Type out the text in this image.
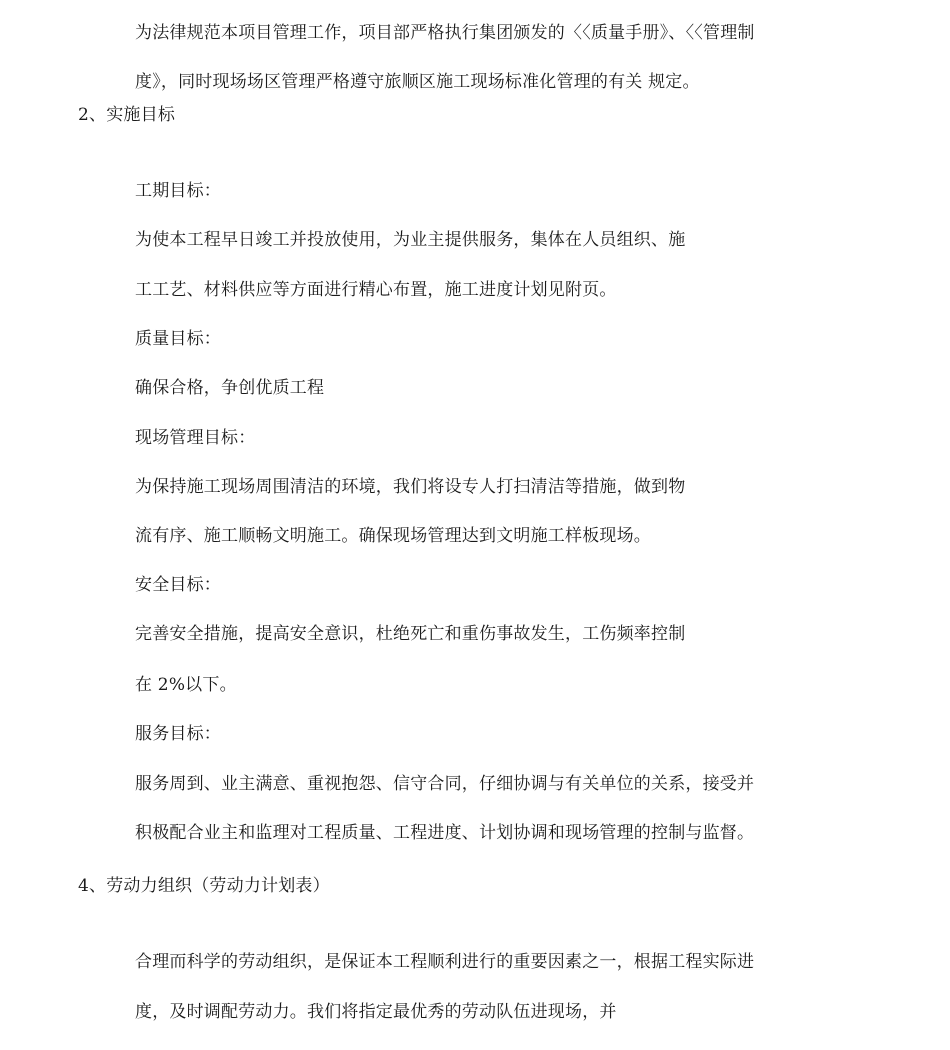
为法律规范本项目管理工作，项目部严格执行集团颁发的〈〈质量手册》、〈〈管理制
度》，同时现场场区管理严格遵守旅顺区施工现场标准化管理的有关 规定。
2、实施目标
工期目标：
为使本工程早日竣工并投放使用，为业主提供服务，集体在人员组织、施
工工艺、材料供应等方面进行精心布置，施工进度计划见附页。
质量目标：
确保合格，争创优质工程
现场管理目标：
为保持施工现场周围清洁的环境，我们将设专人打扫清洁等措施，做到物
流有序、施工顺畅文明施工。确保现场管理达到文明施工样板现场。
安全目标：
完善安全措施，提高安全意识，杜绝死亡和重伤事故发生，工伤频率控制
在 2%以下。
服务目标：
服务周到、业主满意、重视抱怨、信守合同，仔细协调与有关单位的关系，接受并
积极配合业主和监理对工程质量、工程进度、计划协调和现场管理的控制与监督。
4、劳动力组织（劳动力计划表）
合理而科学的劳动组织，是保证本工程顺利进行的重要因素之一，根据工程实际进
度，及时调配劳动力。我们将指定最优秀的劳动队伍进现场，并
